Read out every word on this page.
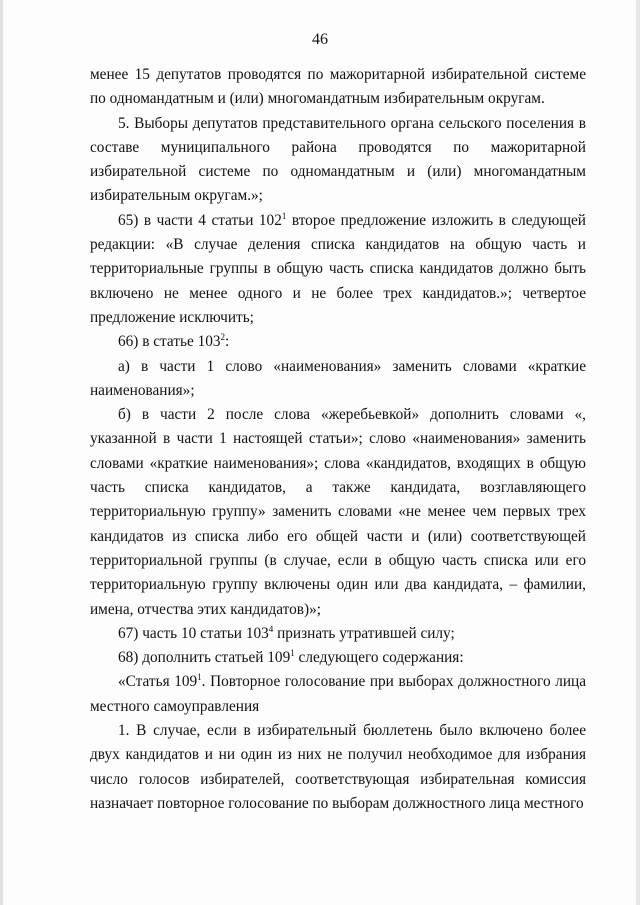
46

менее 15 депутатов проводятся по мажоритарной избирательной системе по одномандатным и (или) многомандатным избирательным округам.

5. Выборы депутатов представительного органа сельского поселения в составе муниципального района проводятся по мажоритарной избирательной системе по одномандатным и (или) многомандатным избирательным округам.»;

65) в части 4 статьи $102^1$ второе предложение изложить в следующей редакции: «В случае деления списка кандидатов на общую часть и территориальные группы в общую часть списка кандидатов должно быть включено не менее одного и не более трех кандидатов.»; четвертое предложение исключить;

66) в статье $103^2$:

а) в части 1 слово «наименования» заменить словами «краткие наименования»;

б) в части 2 после слова «жеребьевкой» дополнить словами «, указанной в части 1 настоящей статьи»; слово «наименования» заменить словами «краткие наименования»; слова «кандидатов, входящих в общую часть списка кандидатов, а также кандидата, возглавляющего территориальную группу» заменить словами «не менее чем первых трех кандидатов из списка либо его общей части и (или) соответствующей территориальной группы (в случае, если в общую часть списка или его территориальную группу включены один или два кандидата, – фамилии, имена, отчества этих кандидатов)»;

67) часть 10 статьи $103^4$ признать утратившей силу;

68) дополнить статьей $109^1$ следующего содержания:

«Статья $109^1$. Повторное голосование при выборах должностного лица местного самоуправления

1. В случае, если в избирательный бюллетень было включено более двух кандидатов и ни один из них не получил необходимое для избрания число голосов избирателей, соответствующая избирательная комиссия назначает повторное голосование по выборам должностного лица местного
